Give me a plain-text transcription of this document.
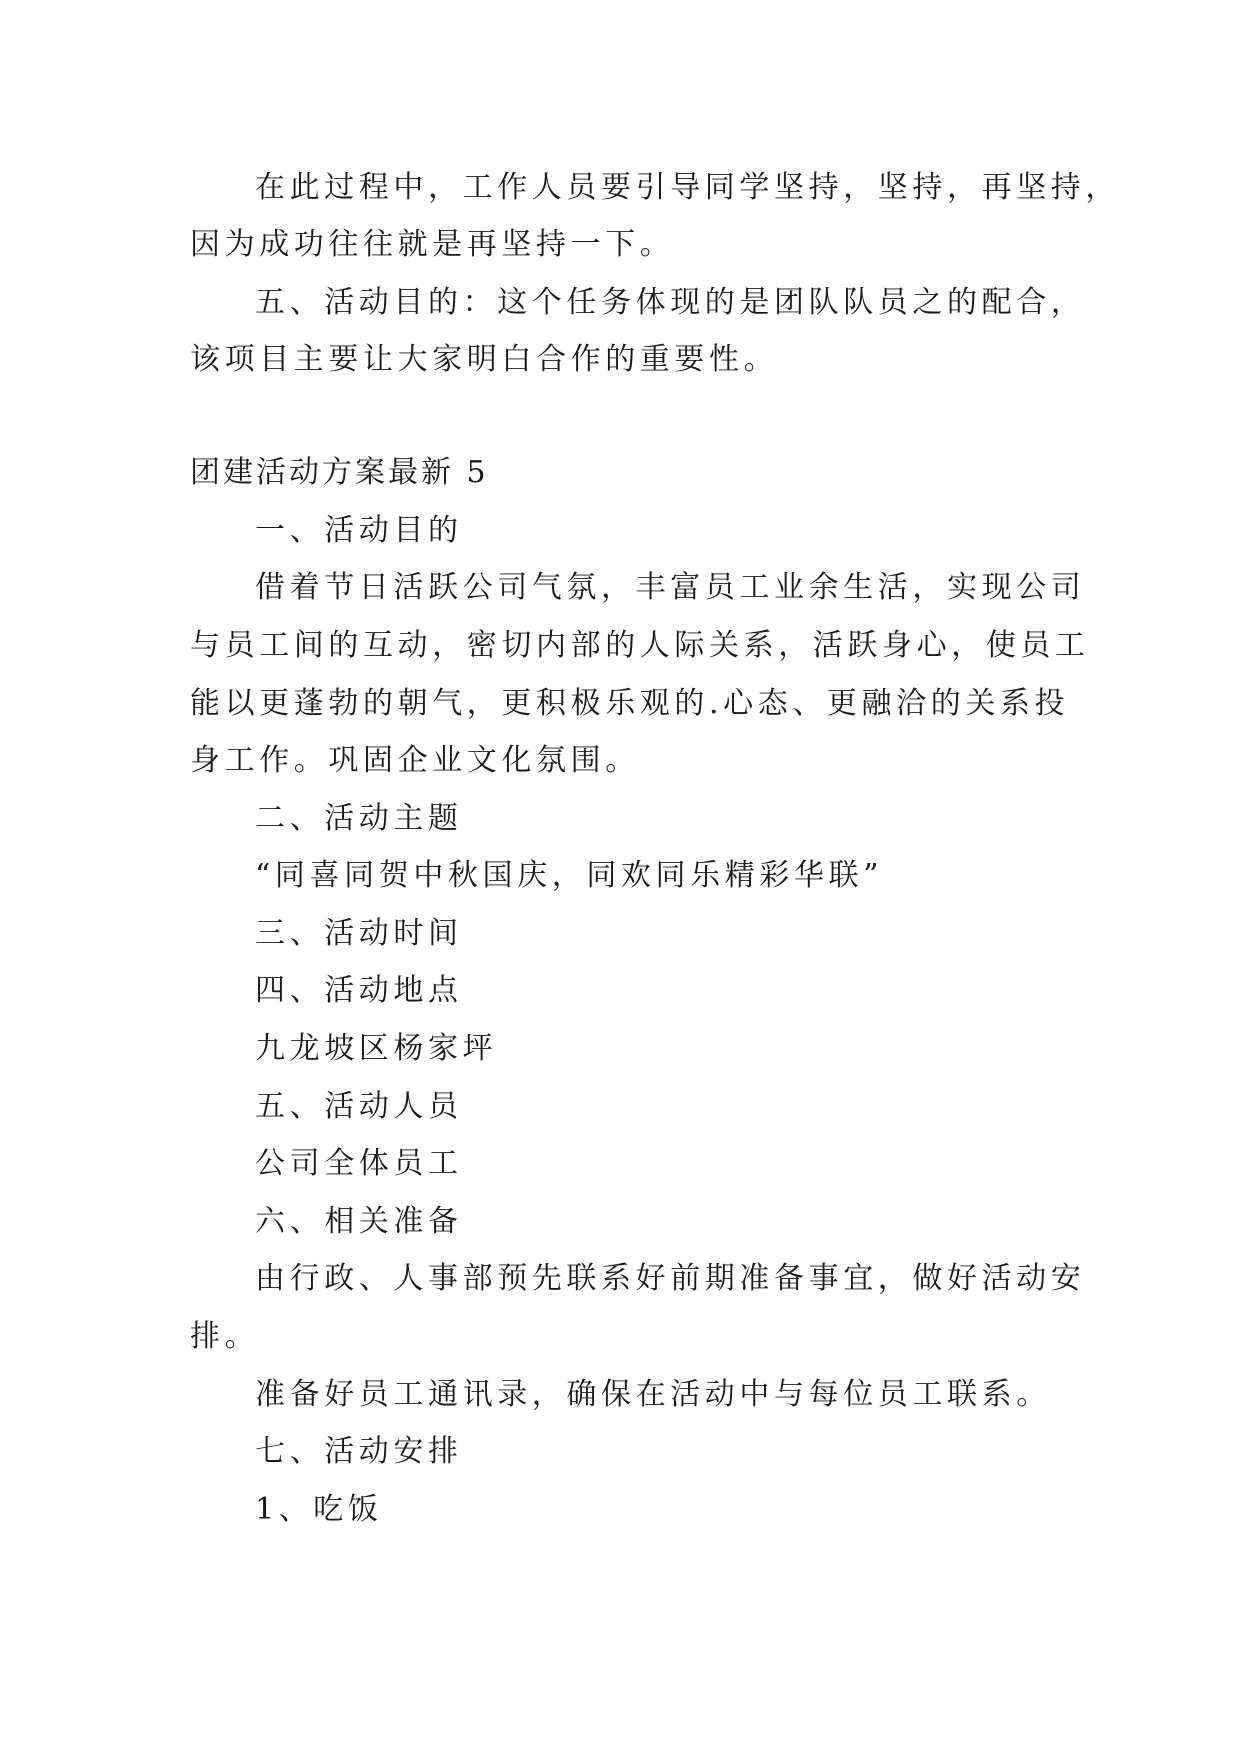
在此过程中，工作人员要引导同学坚持，坚持，再坚持，
因为成功往往就是再坚持一下。
五、活动目的：这个任务体现的是团队队员之的配合，
该项目主要让大家明白合作的重要性。
团建活动方案最新 5
一、活动目的
借着节日活跃公司气氛，丰富员工业余生活，实现公司
与员工间的互动，密切内部的人际关系，活跃身心，使员工
能以更蓬勃的朝气，更积极乐观的.心态、更融洽的关系投
身工作。巩固企业文化氛围。
二、活动主题
“同喜同贺中秋国庆，同欢同乐精彩华联”
三、活动时间
四、活动地点
九龙坡区杨家坪
五、活动人员
公司全体员工
六、相关准备
由行政、人事部预先联系好前期准备事宜，做好活动安
排。
准备好员工通讯录，确保在活动中与每位员工联系。
七、活动安排
1、吃饭
